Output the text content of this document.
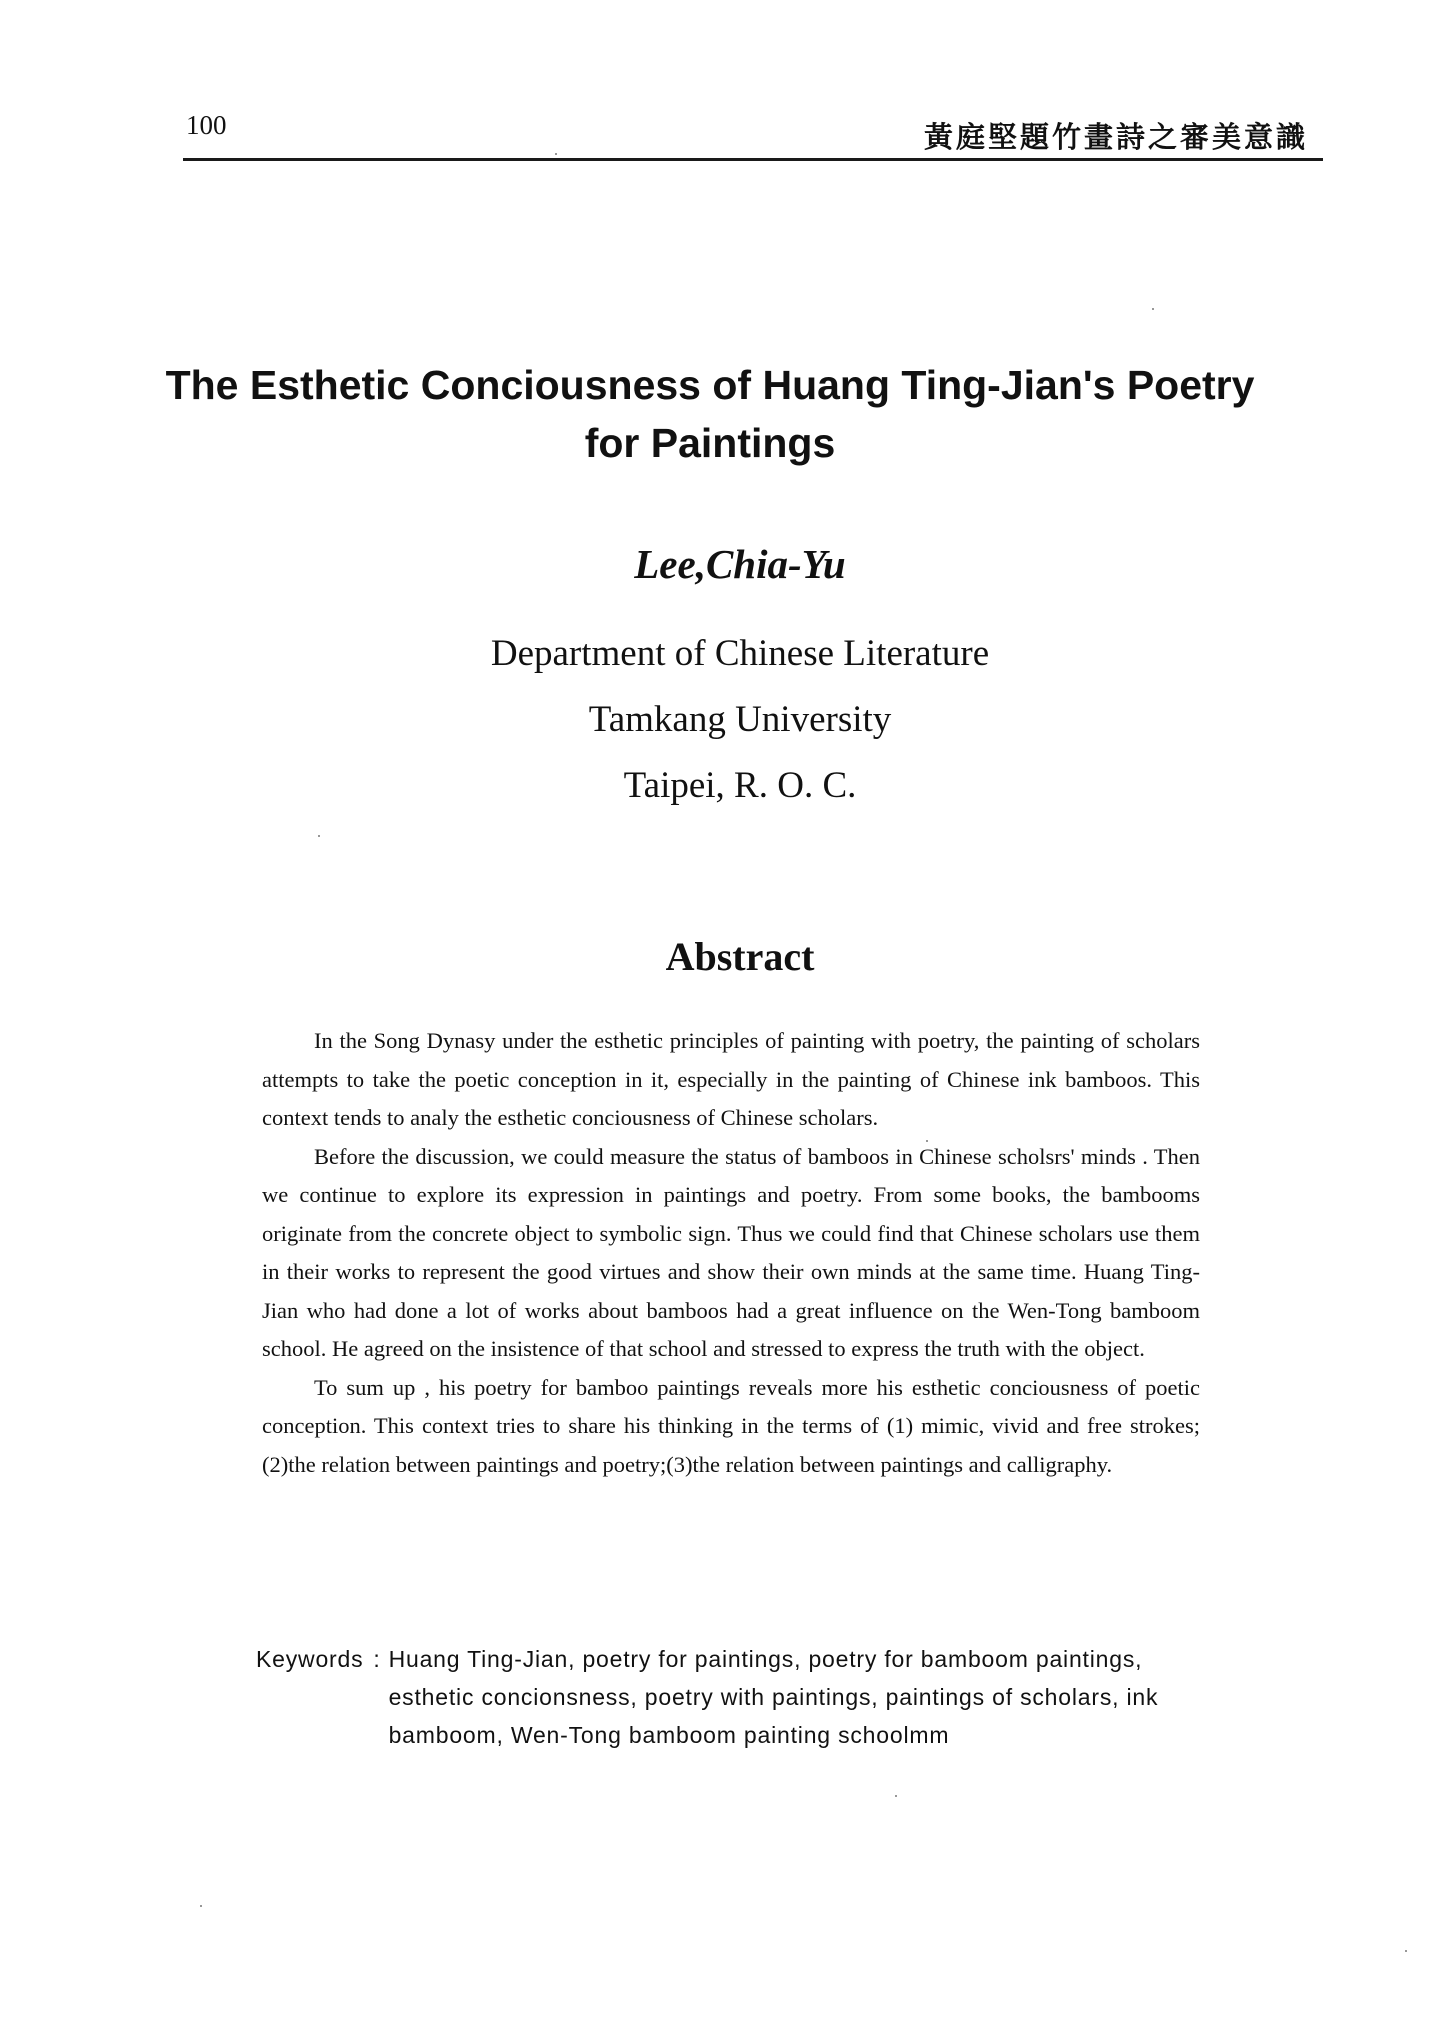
100	黃庭堅題竹畫詩之審美意識
The Esthetic Conciousness of Huang Ting-Jian's Poetry for Paintings
Lee,Chia-Yu
Department of Chinese Literature
Tamkang University
Taipei, R. O. C.
Abstract

In the Song Dynasy under the esthetic principles of painting with poetry, the painting of scholars attempts to take the poetic conception in it, especially in the painting of Chinese ink bamboos. This context tends to analy the esthetic conciousness of Chinese scholars.

Before the discussion, we could measure the status of bamboos in Chinese scholsrs' minds . Then we continue to explore its expression in paintings and poetry. From some books, the bambooms originate from the concrete object to symbolic sign. Thus we could find that Chinese scholars use them in their works to represent the good virtues and show their own minds at the same time. Huang Ting-Jian who had done a lot of works about bamboos had a great influence on the Wen-Tong bamboom school. He agreed on the insistence of that school and stressed to express the truth with the object.

To sum up , his poetry for bamboo paintings reveals more his esthetic conciousness of poetic conception. This context tries to share his thinking in the terms of (1) mimic, vivid and free strokes;(2)the relation between paintings and poetry;(3)the relation between paintings and calligraphy.

Keywords : Huang Ting-Jian, poetry for paintings, poetry for bamboom paintings, esthetic concionsness, poetry with paintings, paintings of scholars, ink bamboom, Wen-Tong bamboom painting schoolmm
